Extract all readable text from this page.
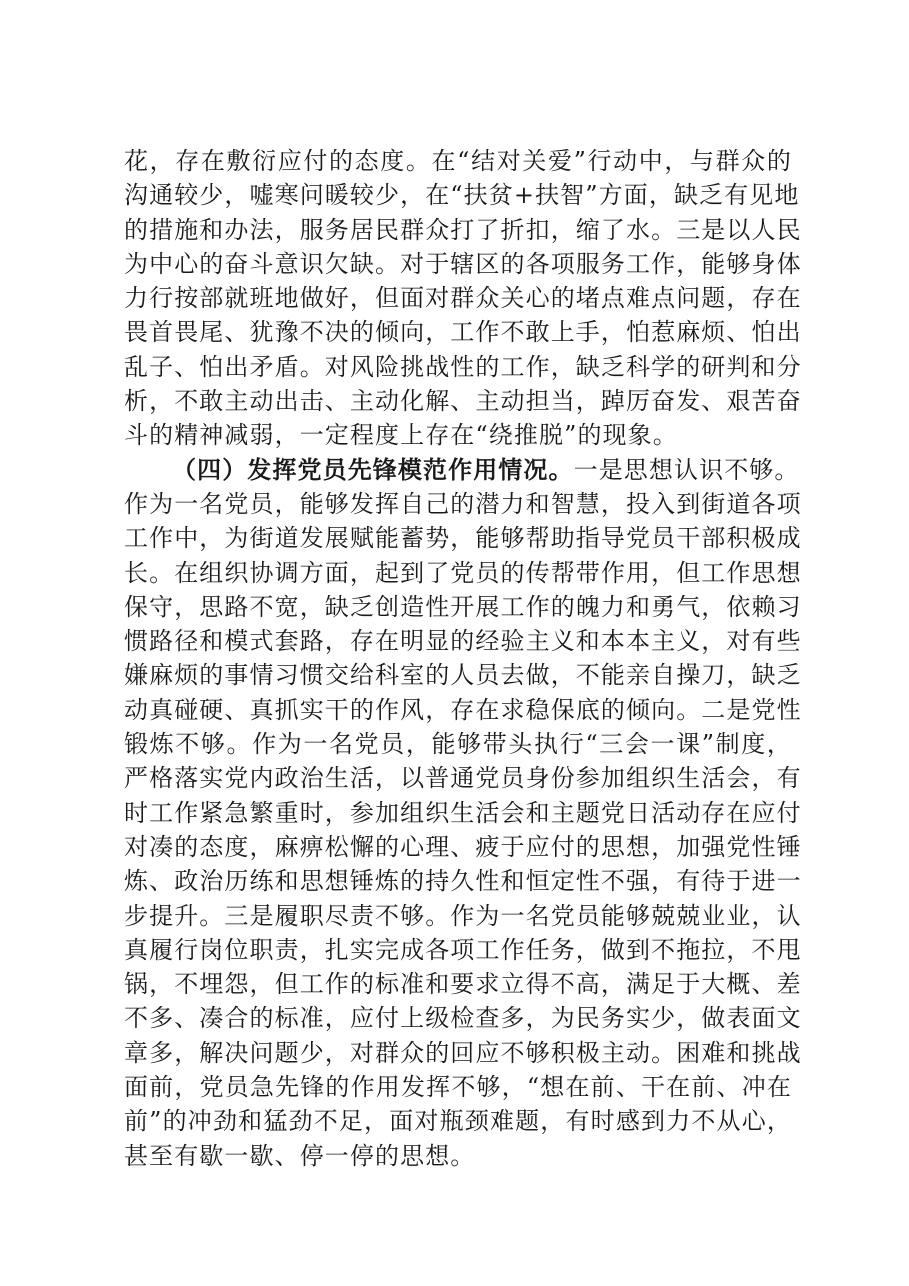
花，存在敷衍应付的态度。在“结对关爱”行动中，与群众的
沟通较少，嘘寒问暖较少，在“扶贫+扶智”方面，缺乏有见地
的措施和办法，服务居民群众打了折扣，缩了水。三是以人民
为中心的奋斗意识欠缺。对于辖区的各项服务工作，能够身体
力行按部就班地做好，但面对群众关心的堵点难点问题，存在
畏首畏尾、犹豫不决的倾向，工作不敢上手，怕惹麻烦、怕出
乱子、怕出矛盾。对风险挑战性的工作，缺乏科学的研判和分
析，不敢主动出击、主动化解、主动担当，踔厉奋发、艰苦奋
斗的精神减弱，一定程度上存在“绕推脱”的现象。

（四）发挥党员先锋模范作用情况。一是思想认识不够。
作为一名党员，能够发挥自己的潜力和智慧，投入到街道各项
工作中，为街道发展赋能蓄势，能够帮助指导党员干部积极成
长。在组织协调方面，起到了党员的传帮带作用，但工作思想
保守，思路不宽，缺乏创造性开展工作的魄力和勇气，依赖习
惯路径和模式套路，存在明显的经验主义和本本主义，对有些
嫌麻烦的事情习惯交给科室的人员去做，不能亲自操刀，缺乏
动真碰硬、真抓实干的作风，存在求稳保底的倾向。二是党性
锻炼不够。作为一名党员，能够带头执行“三会一课”制度，
严格落实党内政治生活，以普通党员身份参加组织生活会，有
时工作紧急繁重时，参加组织生活会和主题党日活动存在应付
对凑的态度，麻痹松懈的心理、疲于应付的思想，加强党性锤
炼、政治历练和思想锤炼的持久性和恒定性不强，有待于进一
步提升。三是履职尽责不够。作为一名党员能够兢兢业业，认
真履行岗位职责，扎实完成各项工作任务，做到不拖拉，不甩
锅，不埋怨，但工作的标准和要求立得不高，满足于大概、差
不多、凑合的标准，应付上级检查多，为民务实少，做表面文
章多，解决问题少，对群众的回应不够积极主动。困难和挑战
面前，党员急先锋的作用发挥不够，“想在前、干在前、冲在
前”的冲劲和猛劲不足，面对瓶颈难题，有时感到力不从心，
甚至有歇一歇、停一停的思想。
